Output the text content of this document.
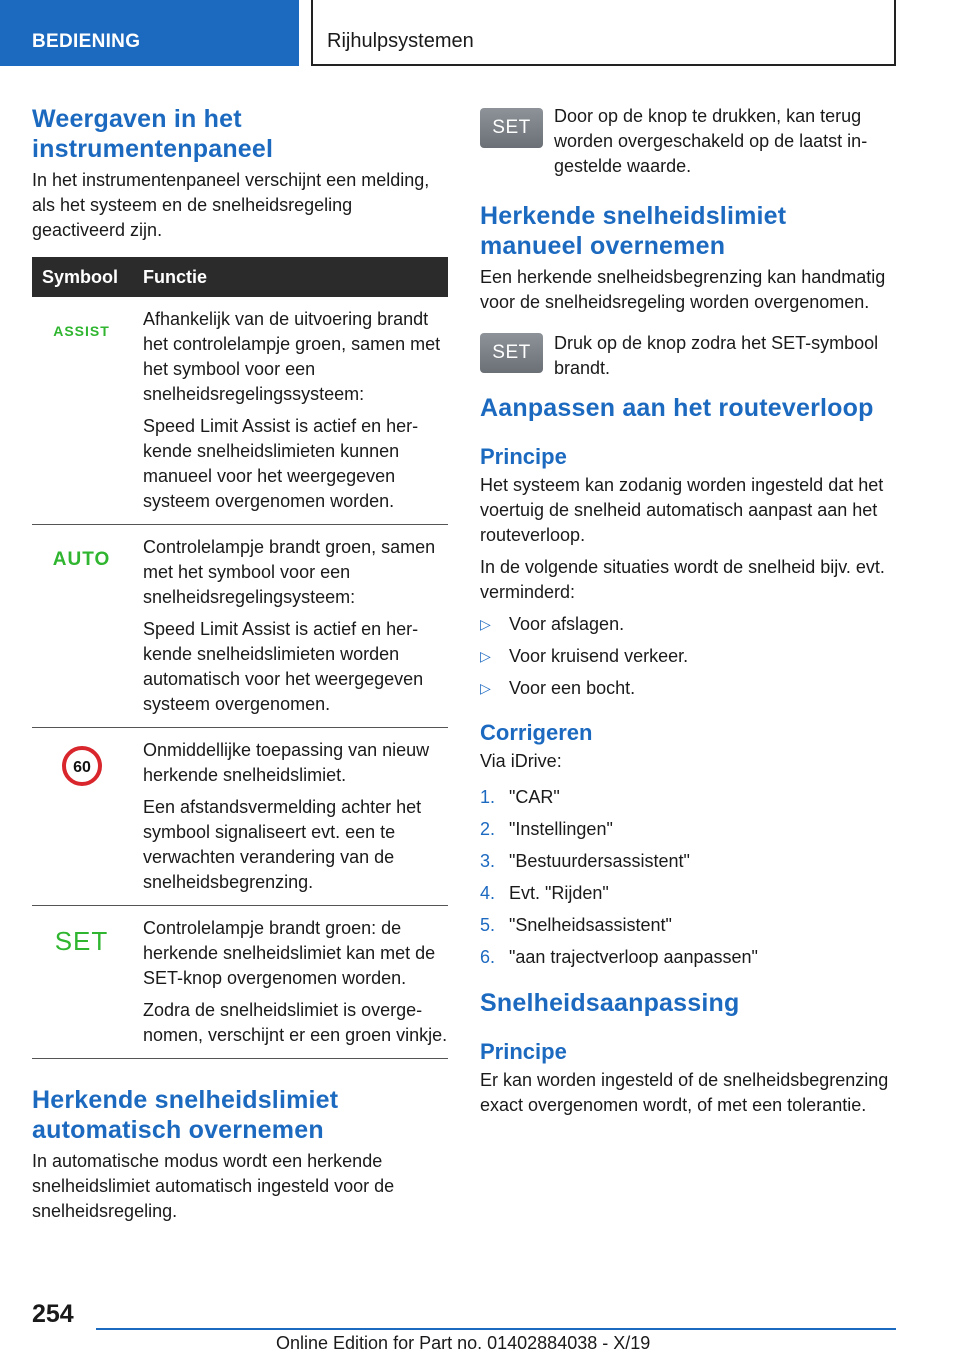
BEDIENING	Rijhulpsystemen
Weergaven in het instrumentenpaneel

In het instrumentenpaneel verschijnt een melding, als het systeem en de snelheidsregeling geactiveerd zijn.

Symbool	Functie

ASSIST	Afhankelijk van de uitvoering brandt het controlelampje groen, samen met het symbool voor een snelheidsregelingssysteem:

Speed Limit Assist is actief en herkende snelheidslimieten kunnen manueel voor het weergegeven systeem overgenomen worden.

AUTO	Controlelampje brandt groen, samen met het symbool voor een snelheidsregelingsysteem:

Speed Limit Assist is actief en herkende snelheidslimieten worden automatisch voor het weergegeven systeem overgenomen.

60	Onmiddellijke toepassing van nieuw herkende snelheidslimiet.

Een afstandsvermelding achter het symbool signaliseert evt. een te verwachten verandering van de snelheidsbegrenzing.

SET	Controlelampje brandt groen: de herkende snelheidslimiet kan met de SET-knop overgenomen worden.

Zodra de snelheidslimiet is overgenomen, verschijnt er een groen vinkje.

Herkende snelheidslimiet automatisch overnemen

In automatische modus wordt een herkende snelheidslimiet automatisch ingesteld voor de snelheidsregeling.

SET

Door op de knop te drukken, kan terug worden overgeschakeld op de laatst ingestelde waarde.

Herkende snelheidslimiet manueel overnemen

Een herkende snelheidsbegrenzing kan handmatig voor de snelheidsregeling worden overgenomen.

SET	Druk op de knop zodra het SET-symbool brandt.

Aanpassen aan het routeverloop
Principe

Het systeem kan zodanig worden ingesteld dat het voertuig de snelheid automatisch aanpast aan het routeverloop.

In de volgende situaties wordt de snelheid bijv. evt. verminderd:

▷ Voor afslagen.
▷ Voor kruisend verkeer.
▷ Voor een bocht.
Corrigeren

Via iDrive:

1. "CAR"
2. "Instellingen"
3. "Bestuurdersassistent"
4. Evt. "Rijden"
5. "Snelheidsassistent"
6. "aan trajectverloop aanpassen"
Snelheidsaanpassing
Principe

Er kan worden ingesteld of de snelheidsbegrenzing exact overgenomen wordt, of met een tolerantie.

254
Online Edition for Part no. 01402884038 - X/19
